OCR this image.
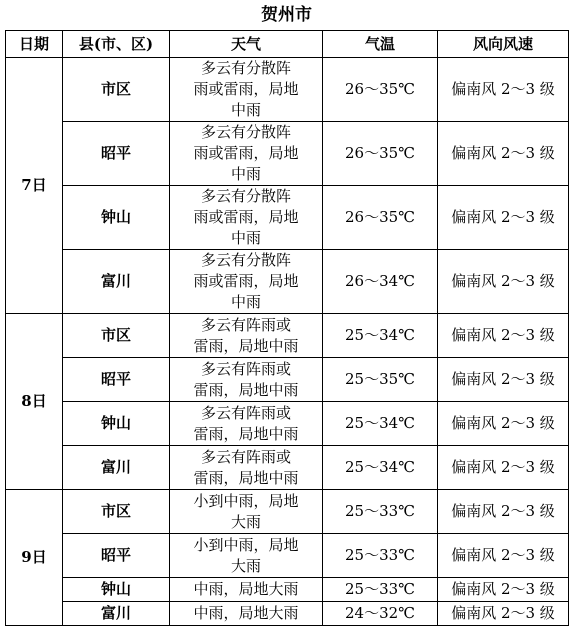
贺州市
日期	县(市、区)	天气	气温	风向风速
7日	市区	多云有分散阵
雨或雷雨，局地
中雨	26～35℃	偏南风 2～3 级
	昭平	多云有分散阵
雨或雷雨，局地
中雨	26～35℃	偏南风 2～3 级
	钟山	多云有分散阵
雨或雷雨，局地
中雨	26～35℃	偏南风 2～3 级
	富川	多云有分散阵
雨或雷雨，局地
中雨	26～34℃	偏南风 2～3 级
8日	市区	多云有阵雨或
雷雨，局地中雨	25～34℃	偏南风 2～3 级
	昭平	多云有阵雨或
雷雨，局地中雨	25～35℃	偏南风 2～3 级
	钟山	多云有阵雨或
雷雨，局地中雨	25～34℃	偏南风 2～3 级
	富川	多云有阵雨或
雷雨，局地中雨	25～34℃	偏南风 2～3 级
9日	市区	小到中雨，局地
大雨	25～33℃	偏南风 2～3 级
	昭平	小到中雨，局地
大雨	25～33℃	偏南风 2～3 级
	钟山	中雨，局地大雨	25～33℃	偏南风 2～3 级
	富川	中雨，局地大雨	24～32℃	偏南风 2～3 级
